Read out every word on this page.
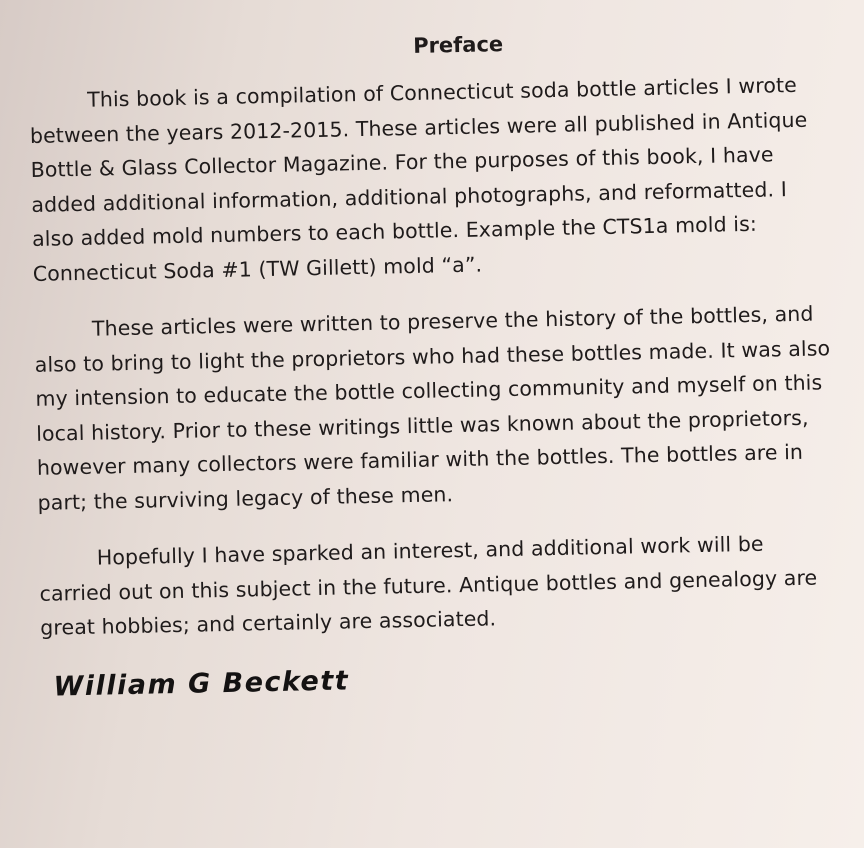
Preface

This book is a compilation of Connecticut soda bottle articles I wrote between the years 2012-2015. These articles were all published in Antique Bottle & Glass Collector Magazine. For the purposes of this book, I have added additional information, additional photographs, and reformatted. I also added mold numbers to each bottle. Example the CTS1a mold is: Connecticut Soda #1 (TW Gillett) mold “a”.

These articles were written to preserve the history of the bottles, and also to bring to light the proprietors who had these bottles made. It was also my intension to educate the bottle collecting community and myself on this local history. Prior to these writings little was known about the proprietors, however many collectors were familiar with the bottles. The bottles are in part; the surviving legacy of these men.

Hopefully I have sparked an interest, and additional work will be carried out on this subject in the future. Antique bottles and genealogy are great hobbies; and certainly are associated.

William G Beckett
